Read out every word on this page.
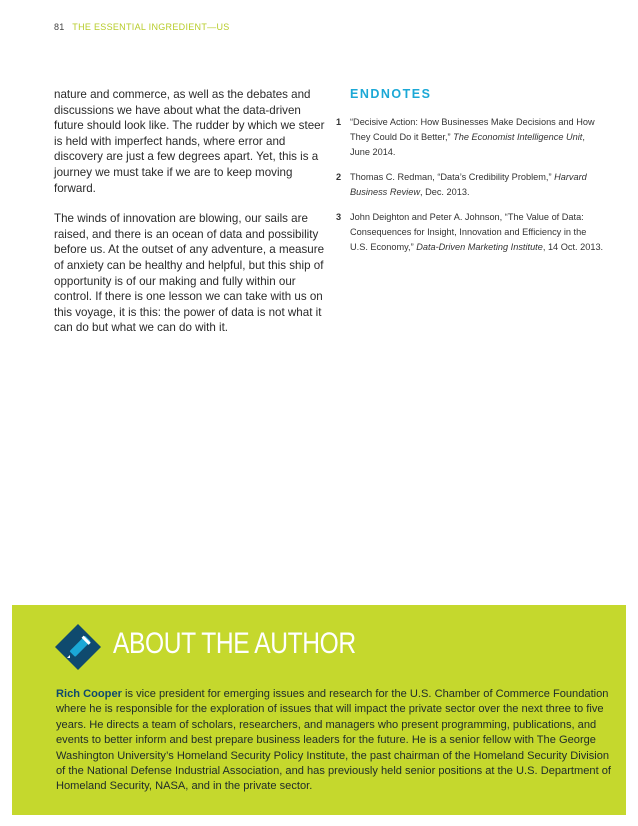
81 THE ESSENTIAL INGREDIENT—US

nature and commerce, as well as the debates and discussions we have about what the data-driven future should look like. The rudder by which we steer is held with imperfect hands, where error and discovery are just a few degrees apart. Yet, this is a journey we must take if we are to keep moving forward.

The winds of innovation are blowing, our sails are raised, and there is an ocean of data and possibility before us. At the outset of any adventure, a measure of anxiety can be healthy and helpful, but this ship of opportunity is of our making and fully within our control. If there is one lesson we can take with us on this voyage, it is this: the power of data is not what it can do but what we can do with it.

ENDNOTES
1 “Decisive Action: How Businesses Make Decisions and How They Could Do it Better,” The Economist Intelligence Unit, June 2014.
2 Thomas C. Redman, “Data’s Credibility Problem,” Harvard Business Review, Dec. 2013.
3 John Deighton and Peter A. Johnson, “The Value of Data: Consequences for Insight, Innovation and Efficiency in the U.S. Economy,” Data-Driven Marketing Institute, 14 Oct. 2013.
ABOUT THE AUTHOR
Rich Cooper is vice president for emerging issues and research for the U.S. Chamber of Commerce Foundation where he is responsible for the exploration of issues that will impact the private sector over the next three to five years. He directs a team of scholars, researchers, and managers who present programming, publications, and events to better inform and best prepare business leaders for the future. He is a senior fellow with The George Washington University’s Homeland Security Policy Institute, the past chairman of the Homeland Security Division of the National Defense Industrial Association, and has previously held senior positions at the U.S. Department of Homeland Security, NASA, and in the private sector.
